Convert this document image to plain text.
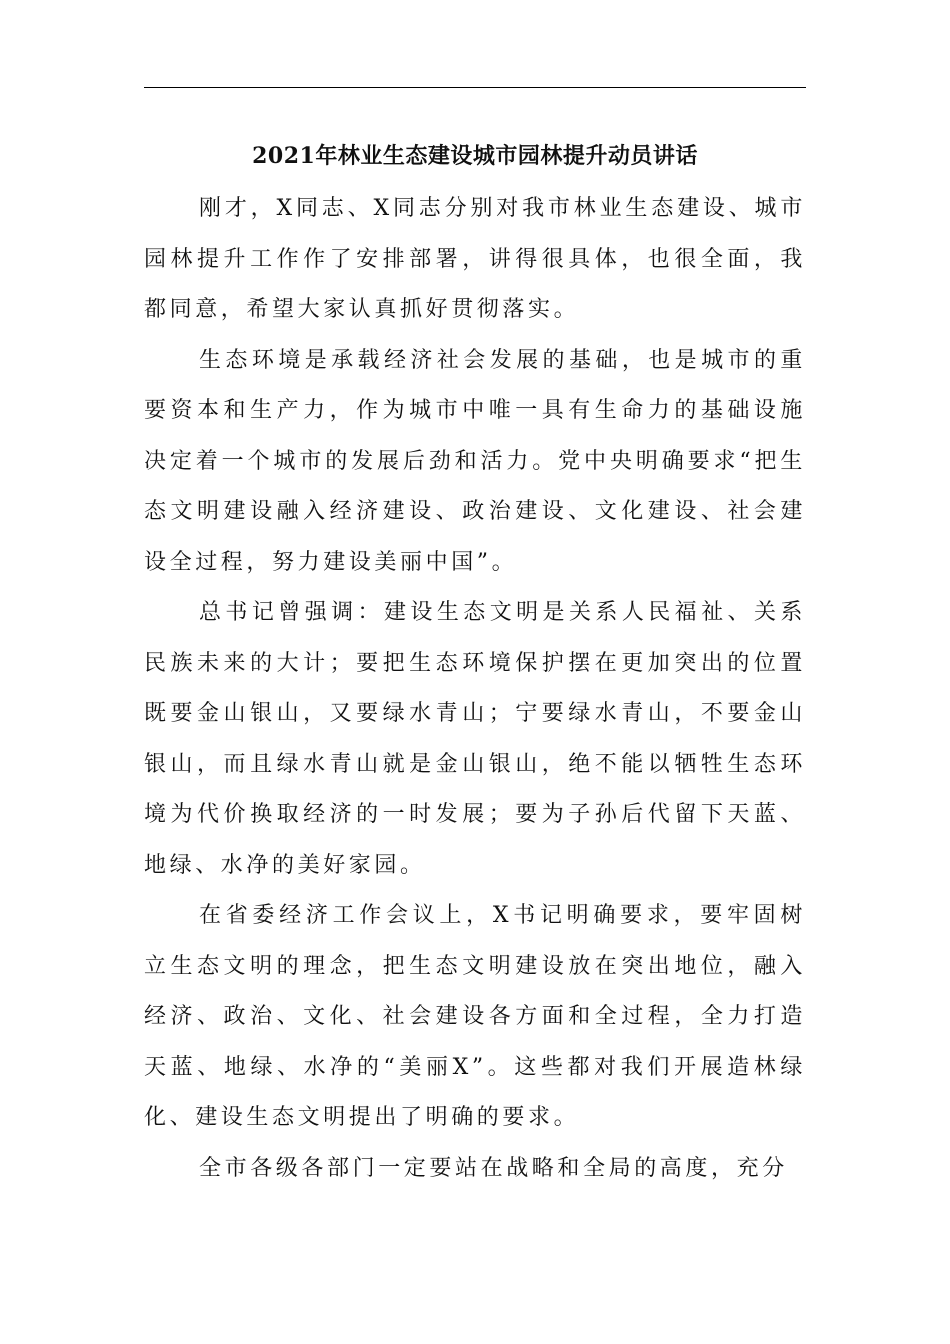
2021年林业生态建设城市园林提升动员讲话

刚才，X同志、X同志分别对我市林业生态建设、城市园林提升工作作了安排部署，讲得很具体，也很全面，我都同意，希望大家认真抓好贯彻落实。

生态环境是承载经济社会发展的基础，也是城市的重要资本和生产力，作为城市中唯一具有生命力的基础设施决定着一个城市的发展后劲和活力。党中央明确要求“把生态文明建设融入经济建设、政治建设、文化建设、社会建设全过程，努力建设美丽中国”。

总书记曾强调：建设生态文明是关系人民福祉、关系民族未来的大计；要把生态环境保护摆在更加突出的位置既要金山银山，又要绿水青山；宁要绿水青山，不要金山银山，而且绿水青山就是金山银山，绝不能以牺牲生态环境为代价换取经济的一时发展；要为子孙后代留下天蓝、地绿、水净的美好家园。

在省委经济工作会议上，X书记明确要求，要牢固树立生态文明的理念，把生态文明建设放在突出地位，融入经济、政治、文化、社会建设各方面和全过程，全力打造天蓝、地绿、水净的“美丽X”。这些都对我们开展造林绿化、建设生态文明提出了明确的要求。

全市各级各部门一定要站在战略和全局的高度，充分
